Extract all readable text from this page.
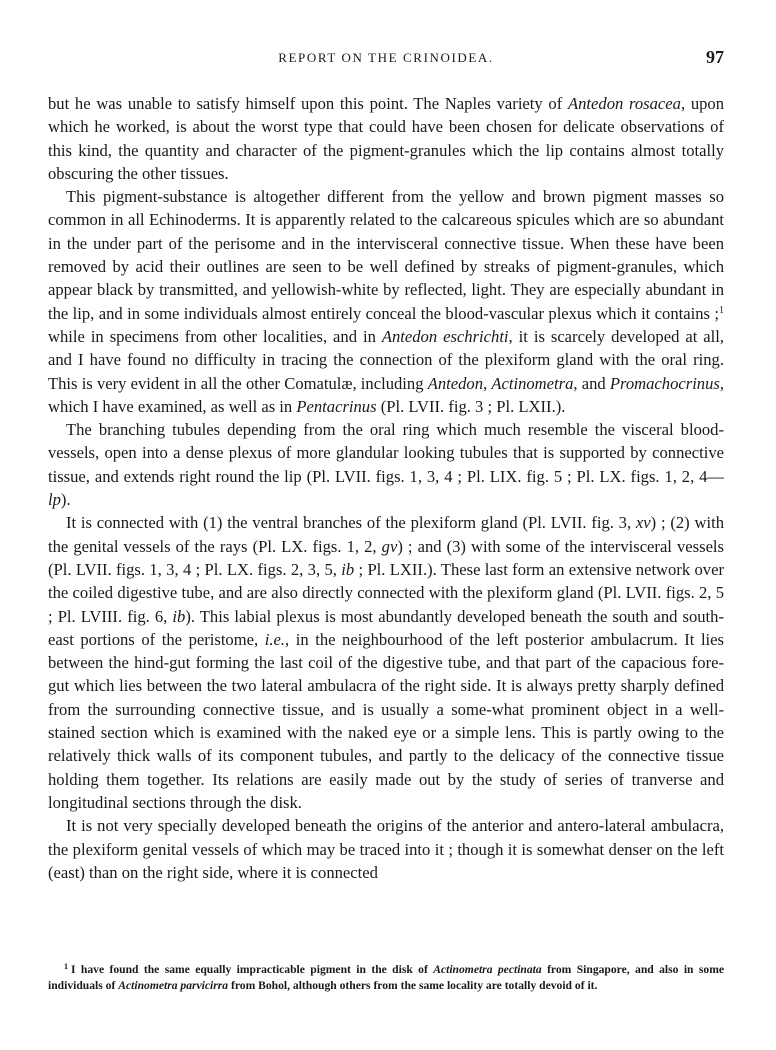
REPORT ON THE CRINOIDEA.	97

but he was unable to satisfy himself upon this point. The Naples variety of Antedon rosacea, upon which he worked, is about the worst type that could have been chosen for delicate observations of this kind, the quantity and character of the pigment-granules which the lip contains almost totally obscuring the other tissues.

This pigment-substance is altogether different from the yellow and brown pigment masses so common in all Echinoderms. It is apparently related to the calcareous spicules which are so abundant in the under part of the perisome and in the intervisceral connective tissue. When these have been removed by acid their outlines are seen to be well defined by streaks of pigment-granules, which appear black by transmitted, and yellowish-white by reflected, light. They are especially abundant in the lip, and in some individuals almost entirely conceal the blood-vascular plexus which it contains ;$^1$ while in specimens from other localities, and in Antedon eschrichti, it is scarcely developed at all, and I have found no difficulty in tracing the connection of the plexiform gland with the oral ring. This is very evident in all the other Comatulæ, including Antedon, Actinometra, and Promachocrinus, which I have examined, as well as in Pentacrinus (Pl. LVII. fig. 3 ; Pl. LXII.).

The branching tubules depending from the oral ring which much resemble the visceral blood-vessels, open into a dense plexus of more glandular looking tubules that is supported by connective tissue, and extends right round the lip (Pl. LVII. figs. 1, 3, 4 ; Pl. LIX. fig. 5 ; Pl. LX. figs. 1, 2, 4—lp).

It is connected with (1) the ventral branches of the plexiform gland (Pl. LVII. fig. 3, xv) ; (2) with the genital vessels of the rays (Pl. LX. figs. 1, 2, gv) ; and (3) with some of the intervisceral vessels (Pl. LVII. figs. 1, 3, 4 ; Pl. LX. figs. 2, 3, 5, ib ; Pl. LXII.). These last form an extensive network over the coiled digestive tube, and are also directly connected with the plexiform gland (Pl. LVII. figs. 2, 5 ; Pl. LVIII. fig. 6, ib). This labial plexus is most abundantly developed beneath the south and south-east portions of the peristome, i.e., in the neighbourhood of the left posterior ambulacrum. It lies between the hind-gut forming the last coil of the digestive tube, and that part of the capacious fore-gut which lies between the two lateral ambulacra of the right side. It is always pretty sharply defined from the surrounding connective tissue, and is usually a some-what prominent object in a well-stained section which is examined with the naked eye or a simple lens. This is partly owing to the relatively thick walls of its component tubules, and partly to the delicacy of the connective tissue holding them together. Its relations are easily made out by the study of series of tranverse and longitudinal sections through the disk.

It is not very specially developed beneath the origins of the anterior and antero-lateral ambulacra, the plexiform genital vessels of which may be traced into it ; though it is somewhat denser on the left (east) than on the right side, where it is connected

$^1$ I have found the same equally impracticable pigment in the disk of Actinometra pectinata from Singapore, and also in some individuals of Actinometra parvicirra from Bohol, although others from the same locality are totally devoid of it.
